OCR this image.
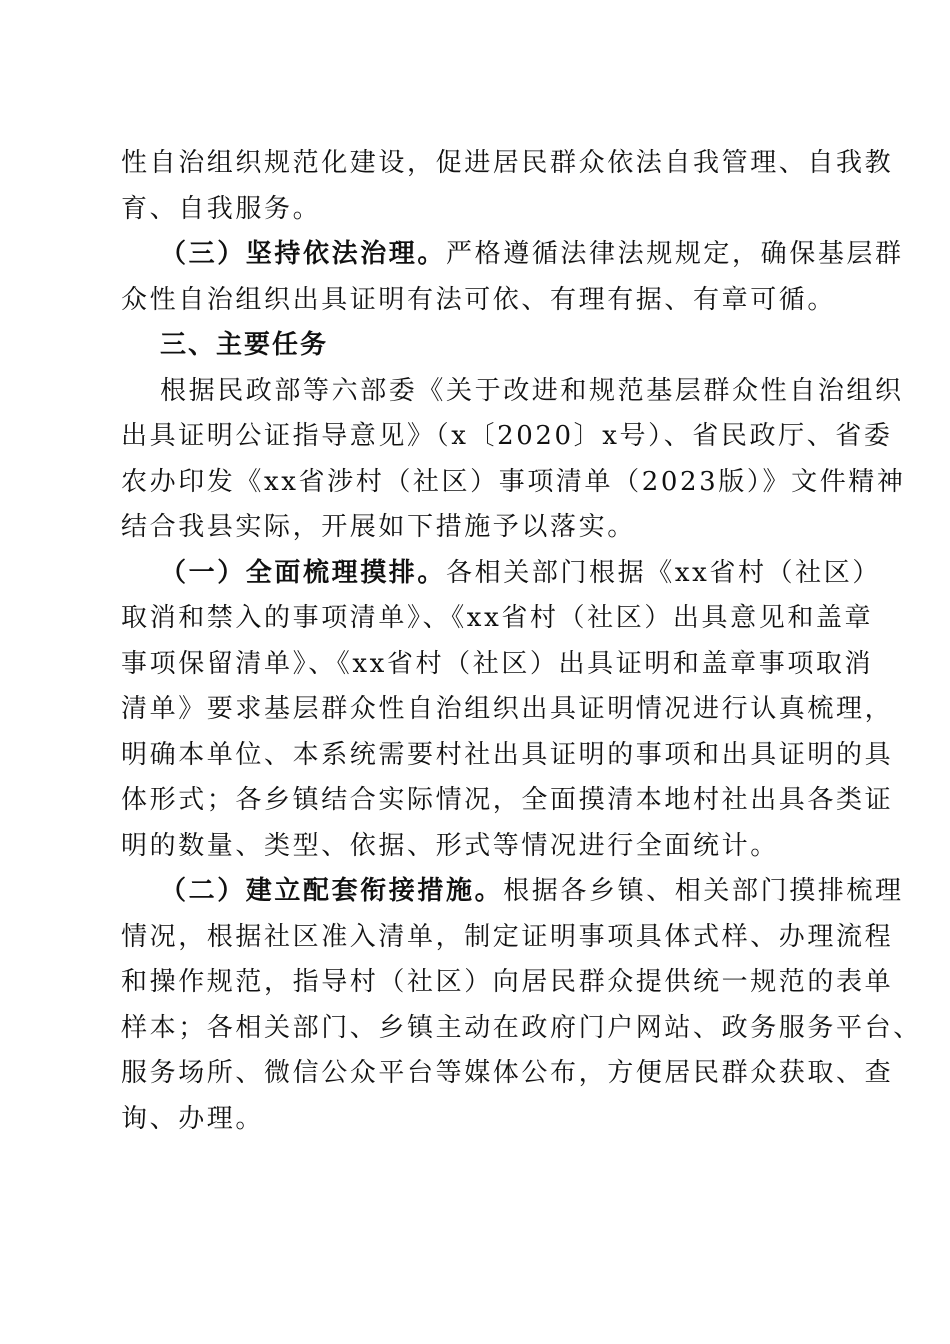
性自治组织规范化建设，促进居民群众依法自我管理、自我教
育、自我服务。
（三）坚持依法治理。严格遵循法律法规规定，确保基层群
众性自治组织出具证明有法可依、有理有据、有章可循。
三、主要任务
根据民政部等六部委《关于改进和规范基层群众性自治组织
出具证明公证指导意见》（x〔2020〕x号）、省民政厅、省委
农办印发《xx省涉村（社区）事项清单（2023版）》文件精神
结合我县实际，开展如下措施予以落实。
（一）全面梳理摸排。各相关部门根据《xx省村（社区）
取消和禁入的事项清单》、《xx省村（社区）出具意见和盖章
事项保留清单》、《xx省村（社区）出具证明和盖章事项取消
清单》要求基层群众性自治组织出具证明情况进行认真梳理，
明确本单位、本系统需要村社出具证明的事项和出具证明的具
体形式；各乡镇结合实际情况，全面摸清本地村社出具各类证
明的数量、类型、依据、形式等情况进行全面统计。
（二）建立配套衔接措施。根据各乡镇、相关部门摸排梳理
情况，根据社区准入清单，制定证明事项具体式样、办理流程
和操作规范，指导村（社区）向居民群众提供统一规范的表单
样本；各相关部门、乡镇主动在政府门户网站、政务服务平台、
服务场所、微信公众平台等媒体公布，方便居民群众获取、查
询、办理。
